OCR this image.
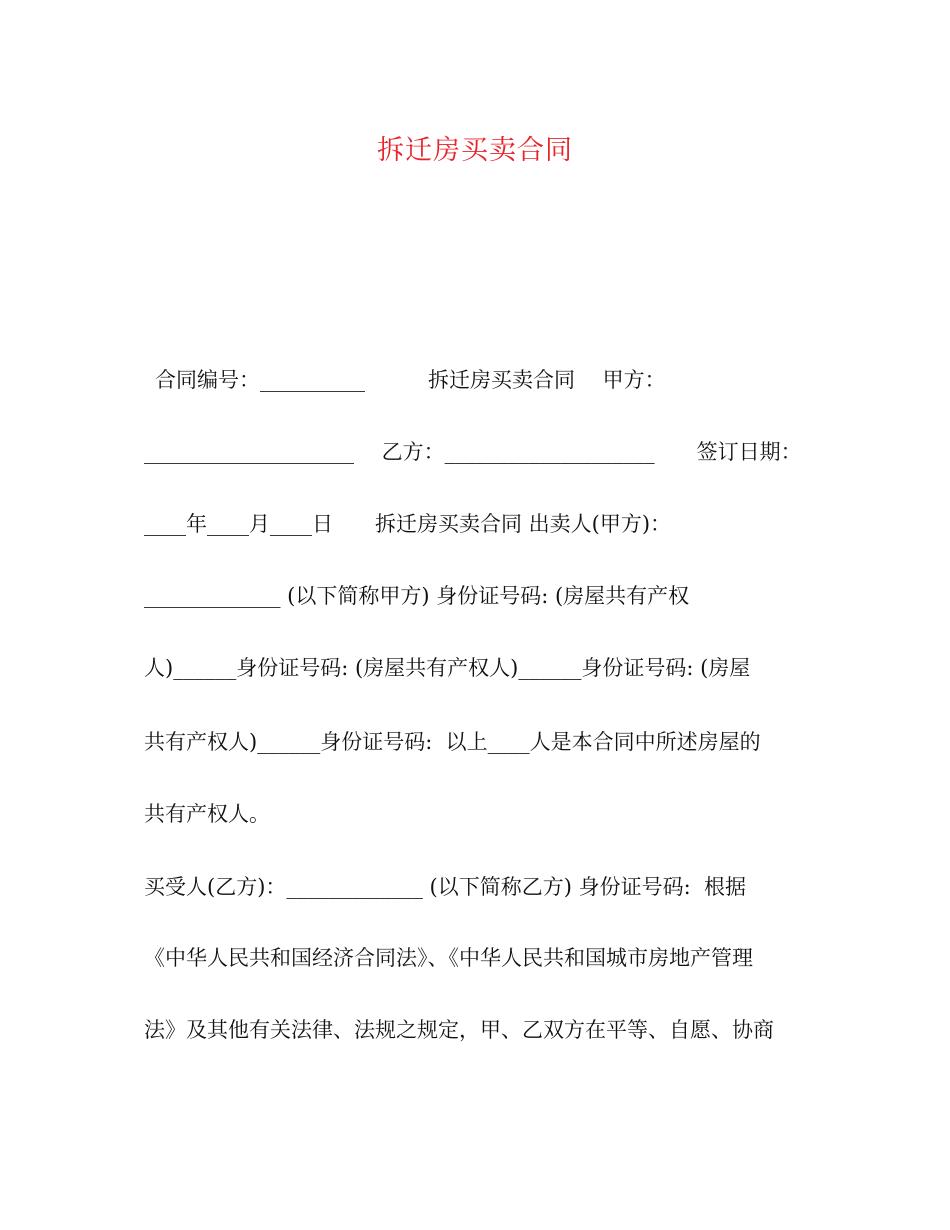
拆迁房买卖合同
合同编号：__________　　　拆迁房买卖合同　 甲方：
____________________　 乙方：____________________　　签订日期：
____年____月____日　　拆迁房买卖合同 出卖人(甲方)：
_____________ (以下简称甲方) 身份证号码: (房屋共有产权
人)______身份证号码: (房屋共有产权人)______身份证号码: (房屋
共有产权人)______身份证号码:  以上____人是本合同中所述房屋的
共有产权人。
买受人(乙方)：_____________ (以下简称乙方) 身份证号码:  根据
《中华人民共和国经济合同法》、《中华人民共和国城市房地产管理
法》及其他有关法律、法规之规定，甲、乙双方在平等、自愿、协商
